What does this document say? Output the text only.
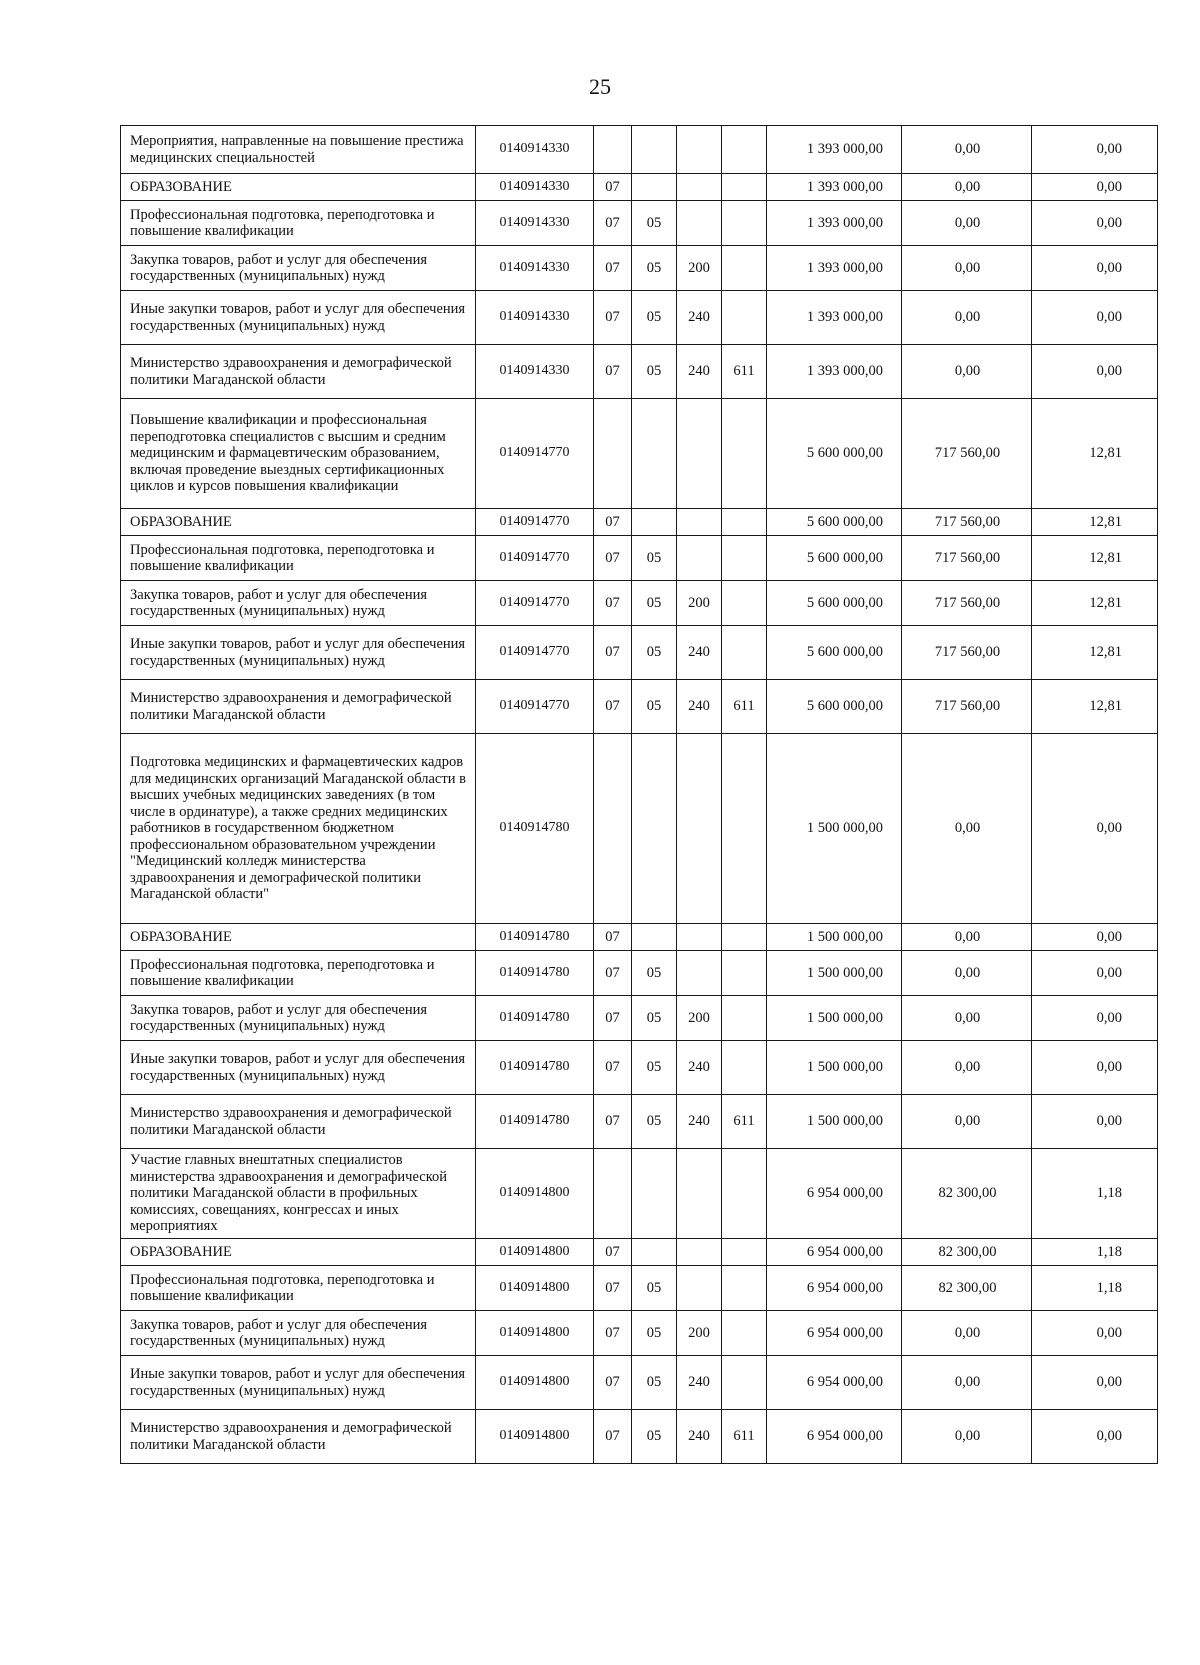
25
Мероприятия, направленные на повышение престижа медицинских специальностей	0140914330					1 393 000,00	0,00	0,00
ОБРАЗОВАНИЕ	0140914330	07				1 393 000,00	0,00	0,00
Профессиональная подготовка, переподготовка и повышение квалификации	0140914330	07	05			1 393 000,00	0,00	0,00
Закупка товаров, работ и услуг для обеспечения государственных (муниципальных) нужд	0140914330	07	05	200		1 393 000,00	0,00	0,00
Иные закупки товаров, работ и услуг для обеспечения государственных (муниципальных) нужд	0140914330	07	05	240		1 393 000,00	0,00	0,00
Министерство здравоохранения и демографической политики Магаданской области	0140914330	07	05	240	611	1 393 000,00	0,00	0,00
Повышение квалификации и профессиональная переподготовка специалистов с высшим и средним медицинским и фармацевтическим образованием, включая проведение выездных сертификационных циклов и курсов повышения квалификации	0140914770					5 600 000,00	717 560,00	12,81
ОБРАЗОВАНИЕ	0140914770	07				5 600 000,00	717 560,00	12,81
Профессиональная подготовка, переподготовка и повышение квалификации	0140914770	07	05			5 600 000,00	717 560,00	12,81
Закупка товаров, работ и услуг для обеспечения государственных (муниципальных) нужд	0140914770	07	05	200		5 600 000,00	717 560,00	12,81
Иные закупки товаров, работ и услуг для обеспечения государственных (муниципальных) нужд	0140914770	07	05	240		5 600 000,00	717 560,00	12,81
Министерство здравоохранения и демографической политики Магаданской области	0140914770	07	05	240	611	5 600 000,00	717 560,00	12,81
Подготовка медицинских и фармацевтических кадров для медицинских организаций Магаданской области в высших учебных медицинских заведениях (в том числе в ординатуре), а также средних медицинских работников в государственном бюджетном профессиональном образовательном учреждении "Медицинский колледж министерства здравоохранения и демографической политики Магаданской области"	0140914780					1 500 000,00	0,00	0,00
ОБРАЗОВАНИЕ	0140914780	07				1 500 000,00	0,00	0,00
Профессиональная подготовка, переподготовка и повышение квалификации	0140914780	07	05			1 500 000,00	0,00	0,00
Закупка товаров, работ и услуг для обеспечения государственных (муниципальных) нужд	0140914780	07	05	200		1 500 000,00	0,00	0,00
Иные закупки товаров, работ и услуг для обеспечения государственных (муниципальных) нужд	0140914780	07	05	240		1 500 000,00	0,00	0,00
Министерство здравоохранения и демографической политики Магаданской области	0140914780	07	05	240	611	1 500 000,00	0,00	0,00
Участие главных внештатных специалистов министерства здравоохранения и демографической политики Магаданской области в профильных комиссиях, совещаниях, конгрессах и иных мероприятиях	0140914800					6 954 000,00	82 300,00	1,18
ОБРАЗОВАНИЕ	0140914800	07				6 954 000,00	82 300,00	1,18
Профессиональная подготовка, переподготовка и повышение квалификации	0140914800	07	05			6 954 000,00	82 300,00	1,18
Закупка товаров, работ и услуг для обеспечения государственных (муниципальных) нужд	0140914800	07	05	200		6 954 000,00	0,00	0,00
Иные закупки товаров, работ и услуг для обеспечения государственных (муниципальных) нужд	0140914800	07	05	240		6 954 000,00	0,00	0,00
Министерство здравоохранения и демографической политики Магаданской области	0140914800	07	05	240	611	6 954 000,00	0,00	0,00
